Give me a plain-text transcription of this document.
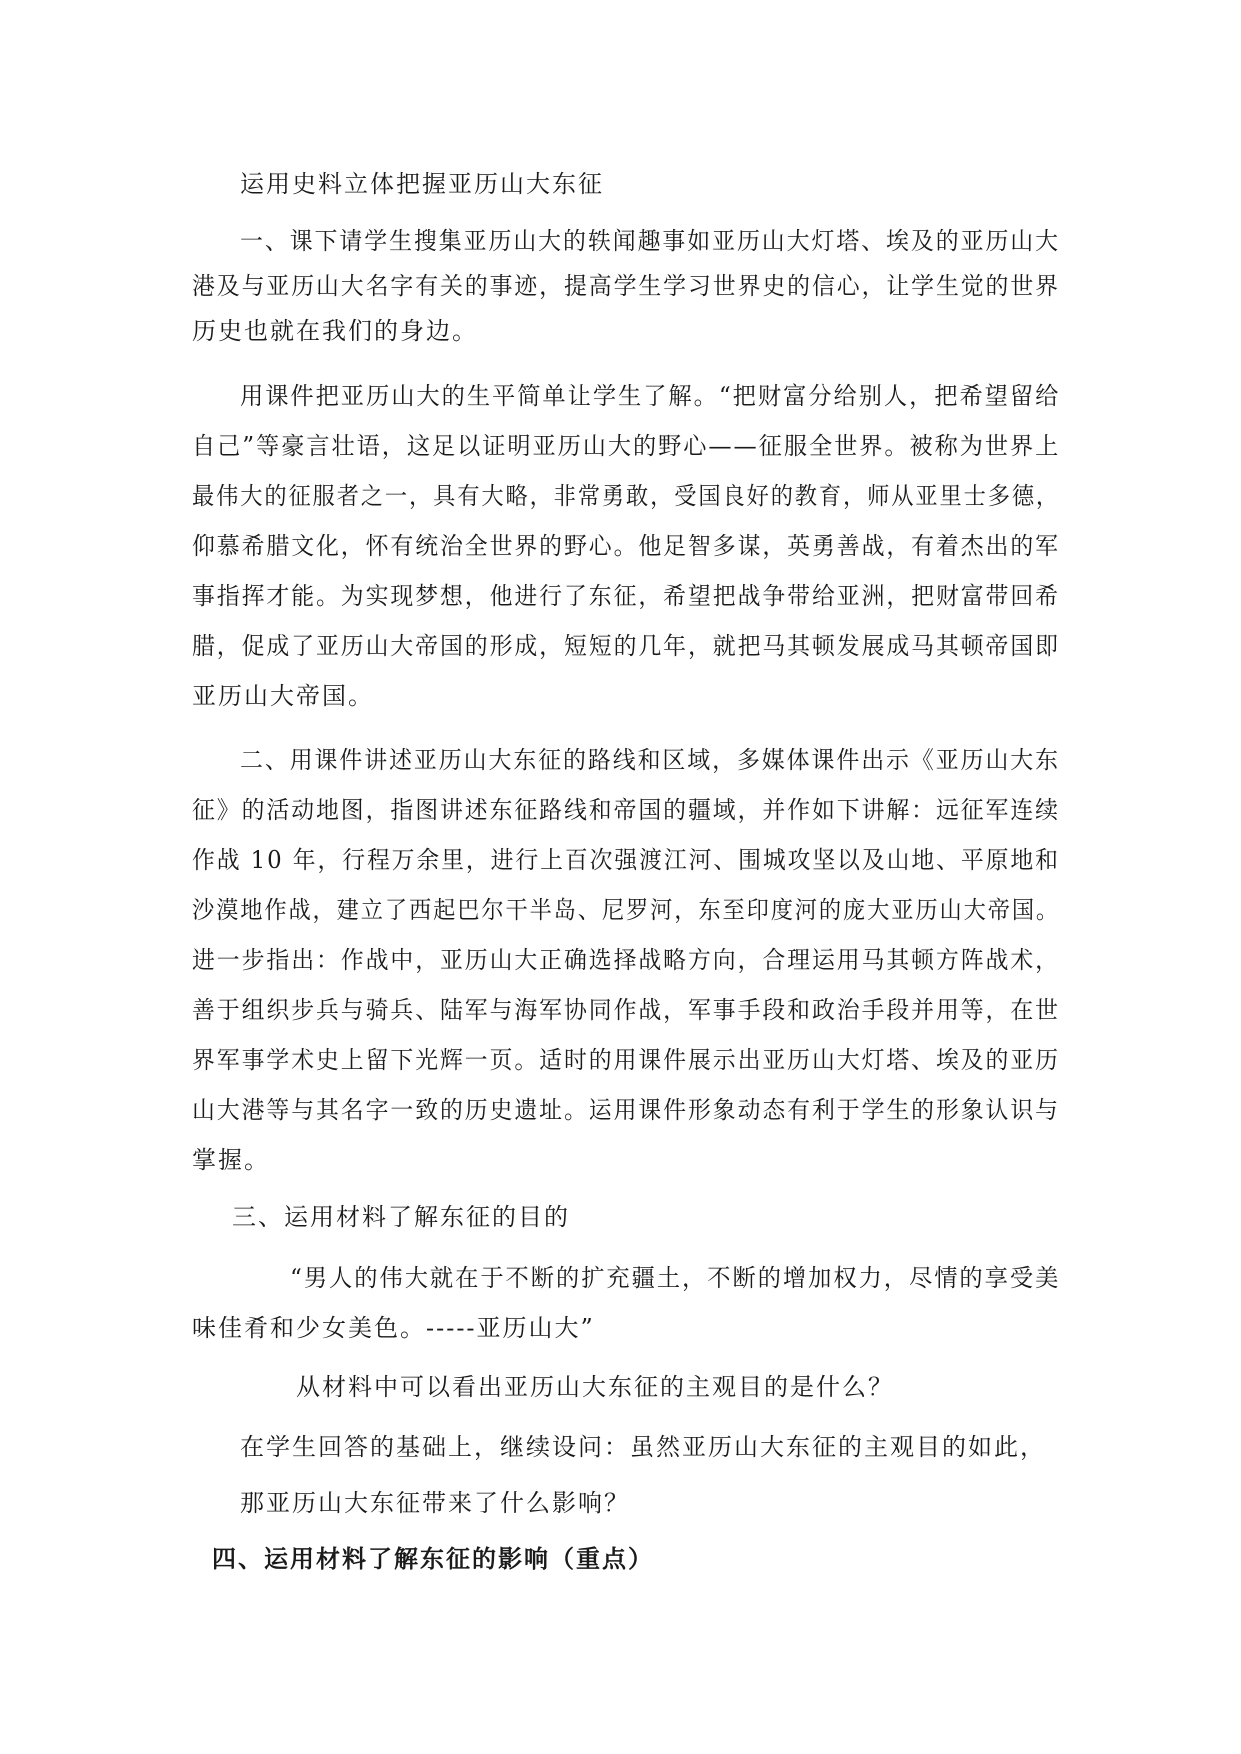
运用史料立体把握亚历山大东征
一、课下请学生搜集亚历山大的轶闻趣事如亚历山大灯塔、埃及的亚历山大
港及与亚历山大名字有关的事迹，提高学生学习世界史的信心，让学生觉的世界
历史也就在我们的身边。
用课件把亚历山大的生平简单让学生了解。“把财富分给别人，把希望留给
自己”等豪言壮语，这足以证明亚历山大的野心——征服全世界。被称为世界上
最伟大的征服者之一，具有大略，非常勇敢，受国良好的教育，师从亚里士多德，
仰慕希腊文化，怀有统治全世界的野心。他足智多谋，英勇善战，有着杰出的军
事指挥才能。为实现梦想，他进行了东征，希望把战争带给亚洲，把财富带回希
腊，促成了亚历山大帝国的形成，短短的几年，就把马其顿发展成马其顿帝国即
亚历山大帝国。
二、用课件讲述亚历山大东征的路线和区域，多媒体课件出示《亚历山大东
征》的活动地图，指图讲述东征路线和帝国的疆域，并作如下讲解：远征军连续
作战 10 年，行程万余里，进行上百次强渡江河、围城攻坚以及山地、平原地和
沙漠地作战，建立了西起巴尔干半岛、尼罗河，东至印度河的庞大亚历山大帝国。
进一步指出：作战中，亚历山大正确选择战略方向，合理运用马其顿方阵战术，
善于组织步兵与骑兵、陆军与海军协同作战，军事手段和政治手段并用等，在世
界军事学术史上留下光辉一页。适时的用课件展示出亚历山大灯塔、埃及的亚历
山大港等与其名字一致的历史遗址。运用课件形象动态有利于学生的形象认识与
掌握。
三、运用材料了解东征的目的
“男人的伟大就在于不断的扩充疆土，不断的增加权力，尽情的享受美
味佳肴和少女美色。-----亚历山大”
从材料中可以看出亚历山大东征的主观目的是什么？
在学生回答的基础上，继续设问：虽然亚历山大东征的主观目的如此，
那亚历山大东征带来了什么影响？
四、运用材料了解东征的影响（重点）
